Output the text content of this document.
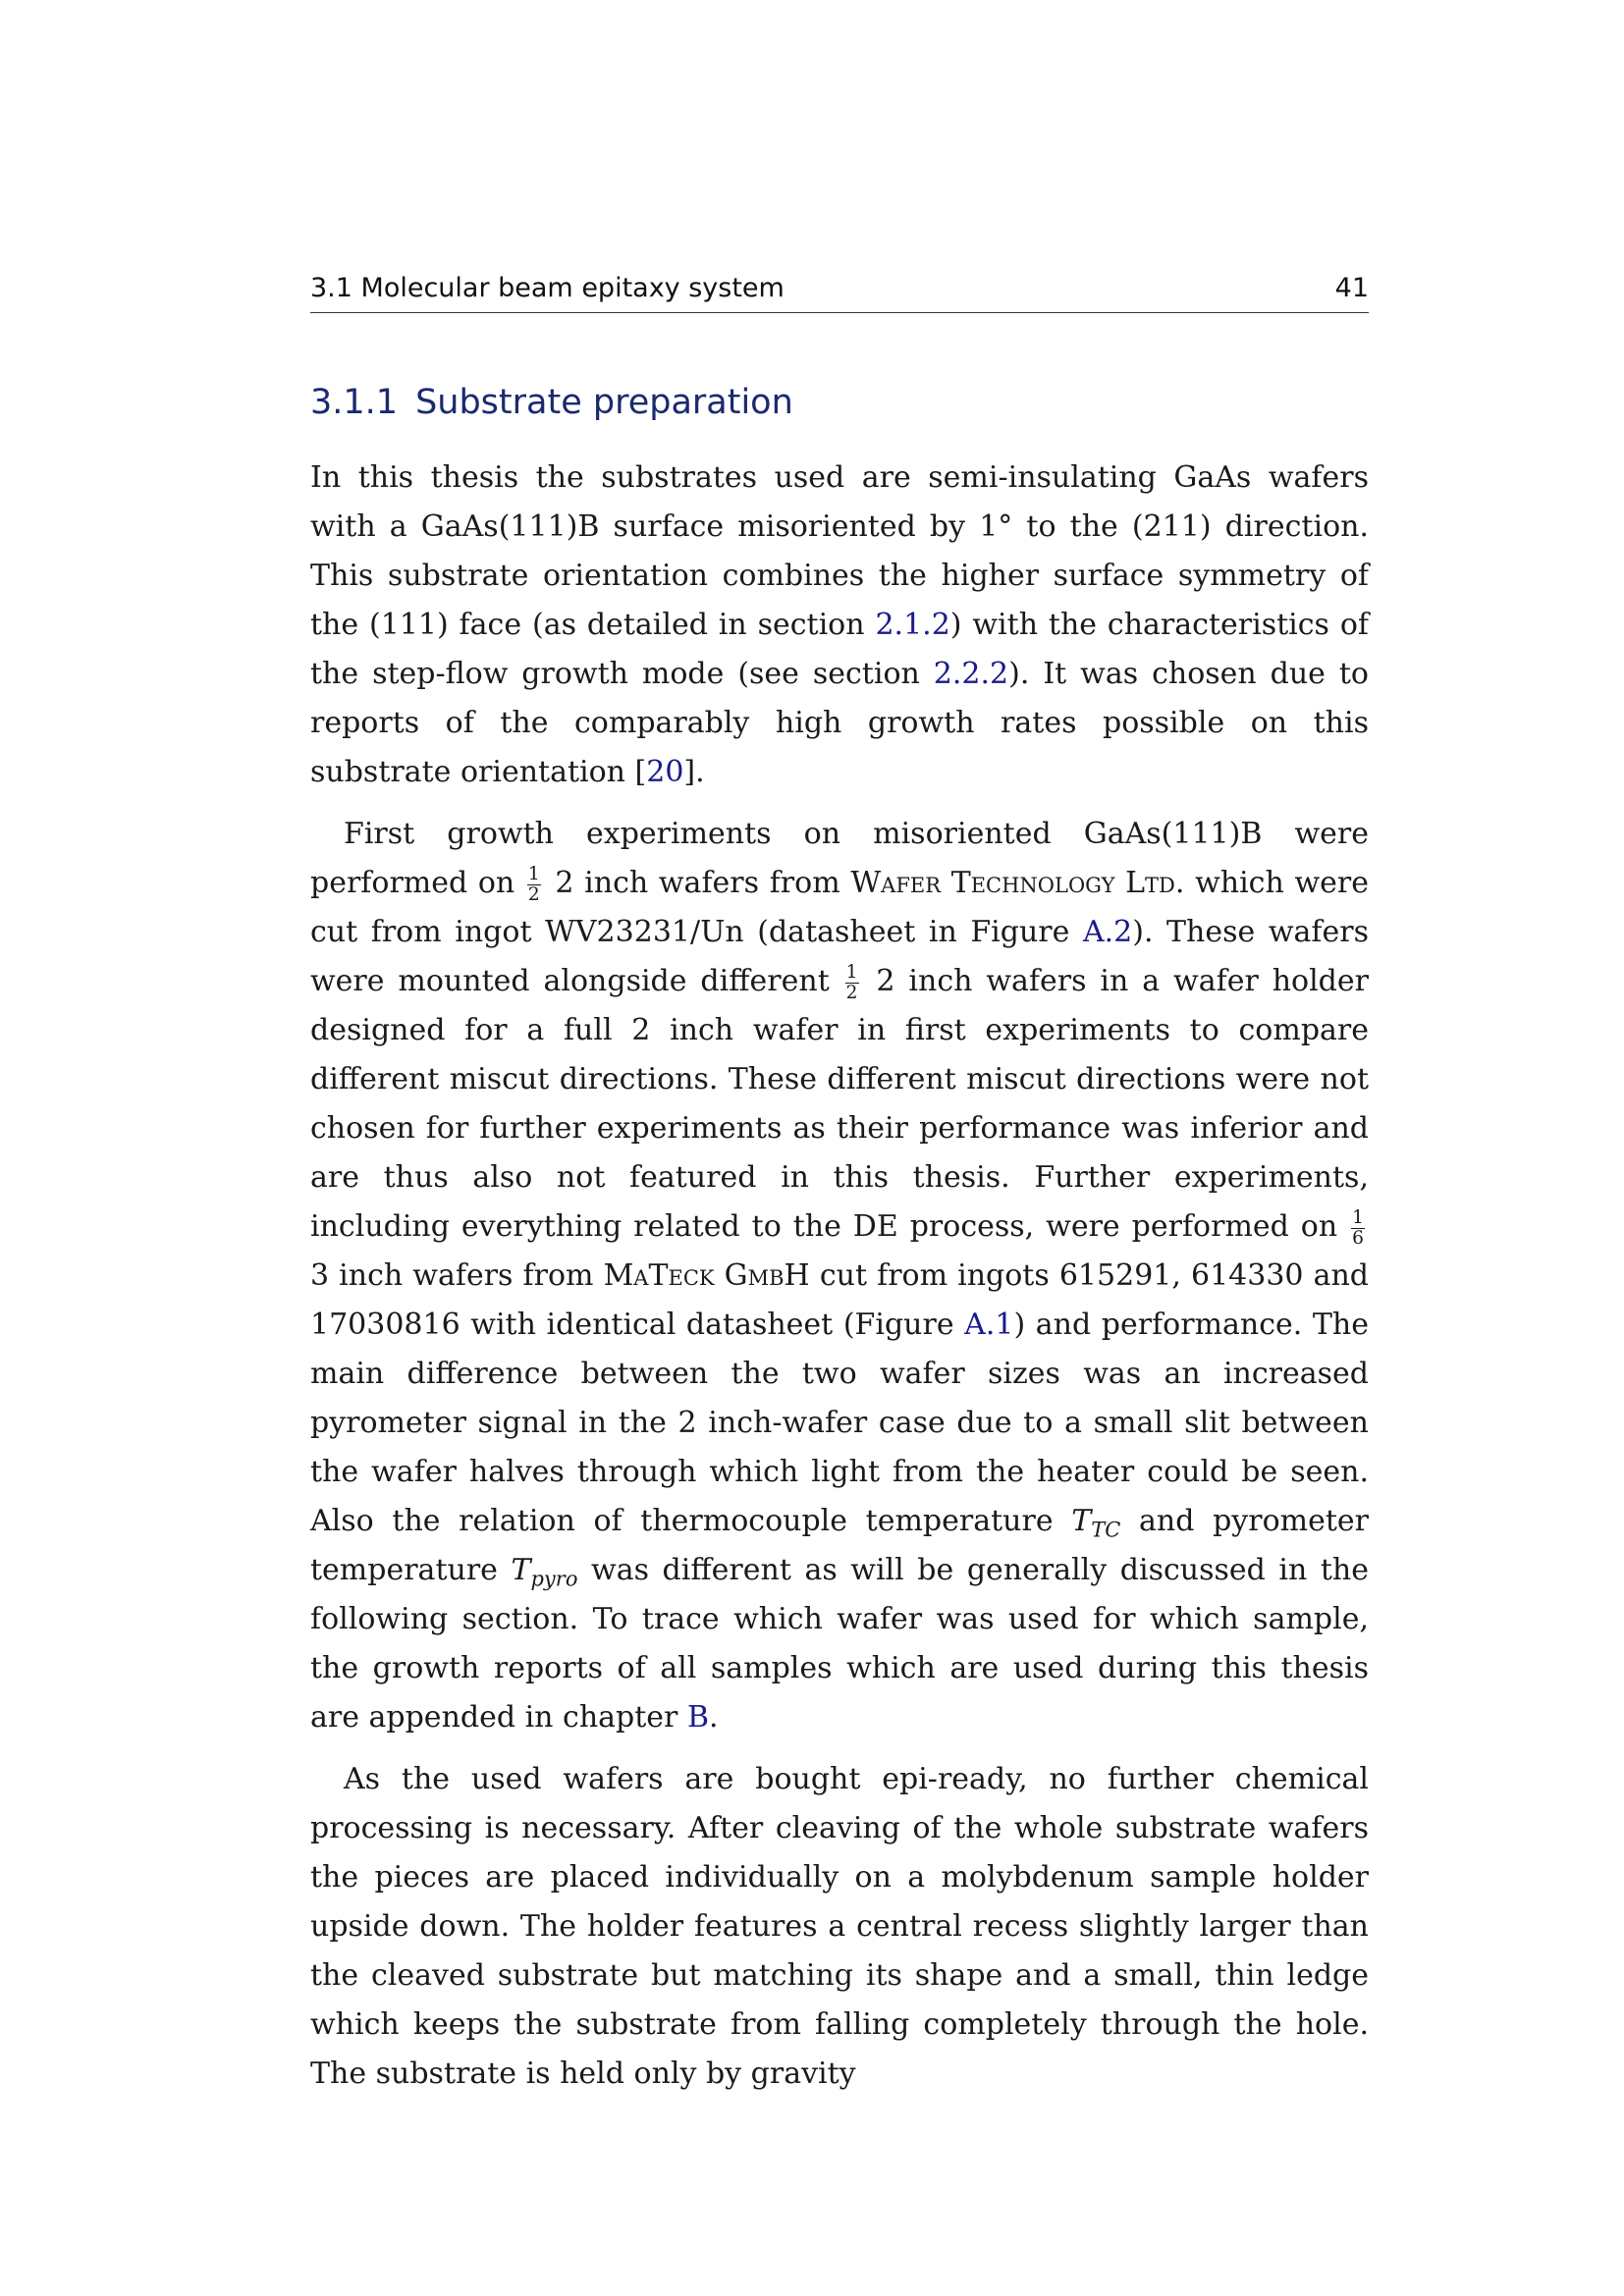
3.1 Molecular beam epitaxy system	41
3.1.1 Substrate preparation

In this thesis the substrates used are semi-insulating GaAs wafers with a GaAs(111)B surface misoriented by 1° to the (211) direction. This substrate orientation combines the higher surface symmetry of the (111) face (as detailed in section 2.1.2) with the characteristics of the step-flow growth mode (see section 2.2.2). It was chosen due to reports of the comparably high growth rates possible on this substrate orientation [20].

First growth experiments on misoriented GaAs(111)B were performed on $\frac{1}{2} 2$ inch wafers from Wafer Technology Ltd. which were cut from ingot WV23231/Un (datasheet in Figure A.2). These wafers were mounted alongside different $\frac{1}{2} 2$ inch wafers in a wafer holder designed for a full 2 inch wafer in first experiments to compare different miscut directions. These different miscut directions were not chosen for further experiments as their performance was inferior and are thus also not featured in this thesis. Further experiments, including everything related to the DE process, were performed on $\frac{1}{6}$
3 inch wafers from MaTeck GmbH cut from ingots 615291, 614330 and 17030816 with identical datasheet (Figure A.1) and performance. The main difference between the two wafer sizes was an increased pyrometer signal in the 2 inch-wafer case due to a small slit between the wafer halves through which light from the heater could be seen. Also the relation of thermocouple temperature $T_{TC}$ and pyrometer temperature $T_{pyro}$ was different as will be generally discussed in the following section. To trace which wafer was used for which sample, the growth reports of all samples which are used during this thesis are appended in chapter B.

As the used wafers are bought epi-ready, no further chemical processing is necessary. After cleaving of the whole substrate wafers the pieces are placed individually on a molybdenum sample holder upside down. The holder features a central recess slightly larger than the cleaved substrate but matching its shape and a small, thin ledge which keeps the substrate from falling completely through the hole. The substrate is held only by gravity
